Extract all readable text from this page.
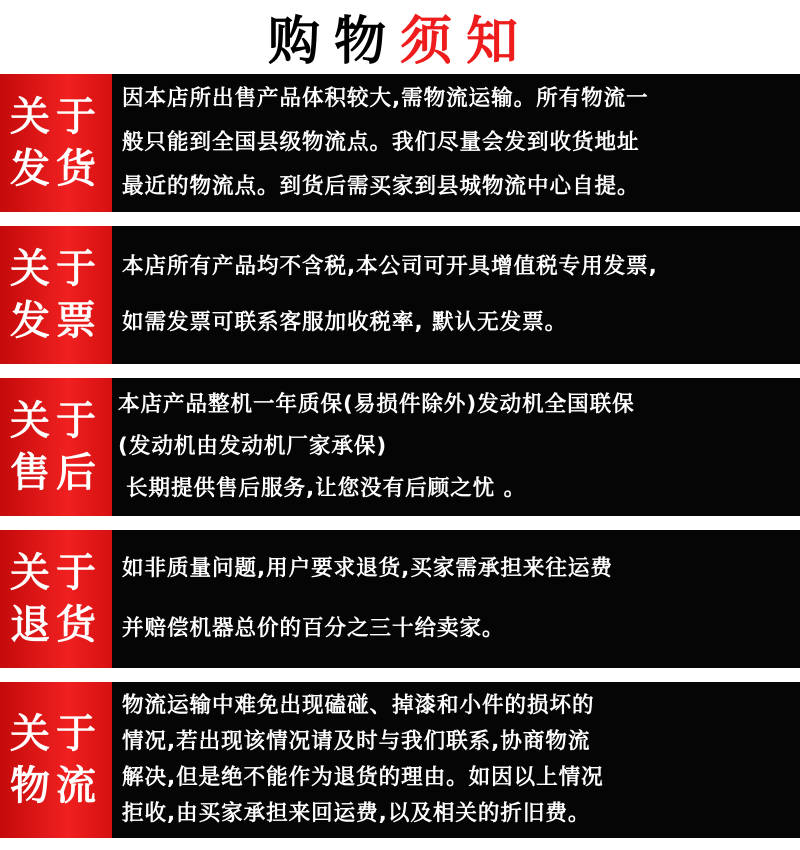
购物 须知
关于
发货
因本店所出售产品体积较大,需物流运输。所有物流一
般只能到全国县级物流点。我们尽量会发到收货地址
最近的物流点。到货后需买家到县城物流中心自提。
关于
发票
本店所有产品均不含税,本公司可开具增值税专用发票,
如需发票可联系客服加收税率, 默认无发票。
关于
售后
本店产品整机一年质保(易损件除外)发动机全国联保
(发动机由发动机厂家承保)
长期提供售后服务,让您没有后顾之忧 。
关于
退货
如非质量问题,用户要求退货,买家需承担来往运费
并赔偿机器总价的百分之三十给卖家。
关于
物流
物流运输中难免出现磕碰、掉漆和小件的损坏的
情况,若出现该情况请及时与我们联系,协商物流
解决,但是绝不能作为退货的理由。如因以上情况
拒收,由买家承担来回运费,以及相关的折旧费。
